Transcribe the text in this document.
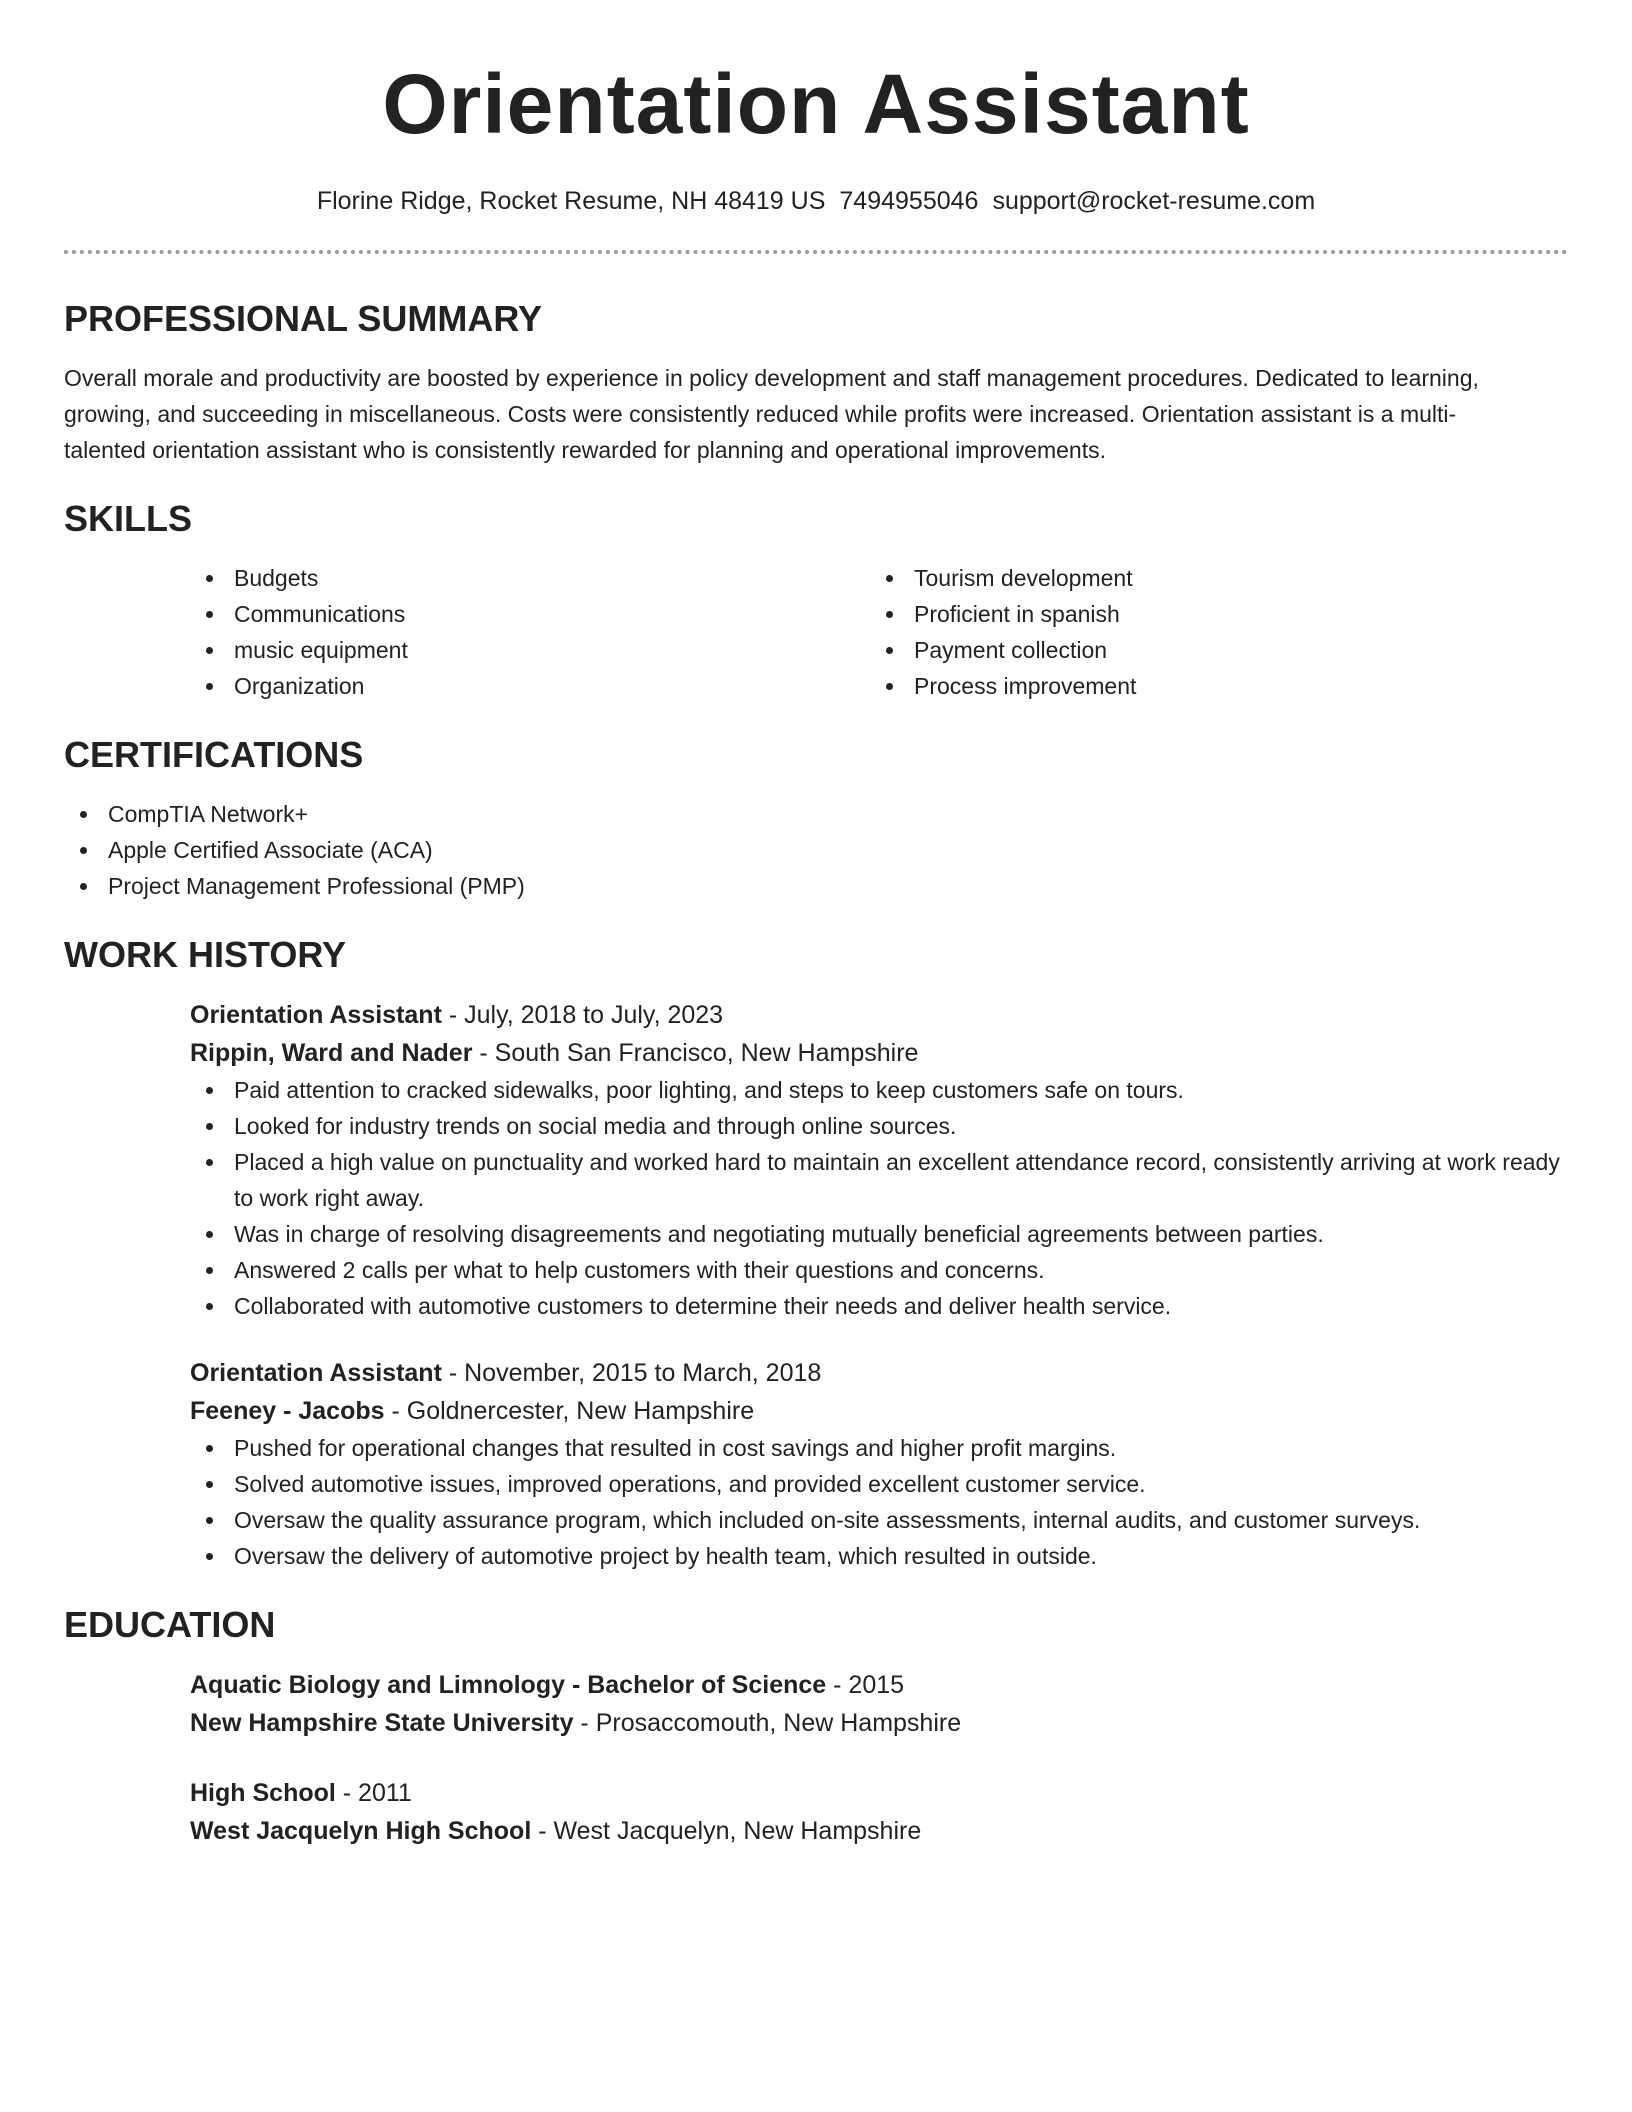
Orientation Assistant
Florine Ridge, Rocket Resume, NH 48419 US 7494955046 support@rocket-resume.com
PROFESSIONAL SUMMARY

Overall morale and productivity are boosted by experience in policy development and staff management procedures. Dedicated to learning, growing, and succeeding in miscellaneous. Costs were consistently reduced while profits were increased. Orientation assistant is a multi-talented orientation assistant who is consistently rewarded for planning and operational improvements.

SKILLS
Budgets
Communications
music equipment
Organization
Tourism development
Proficient in spanish
Payment collection
Process improvement
CERTIFICATIONS
CompTIA Network+
Apple Certified Associate (ACA)
Project Management Professional (PMP)
WORK HISTORY
Orientation Assistant - July, 2018 to July, 2023
Rippin, Ward and Nader - South San Francisco, New Hampshire
Paid attention to cracked sidewalks, poor lighting, and steps to keep customers safe on tours.
Looked for industry trends on social media and through online sources.
Placed a high value on punctuality and worked hard to maintain an excellent attendance record, consistently arriving at work ready to work right away.
Was in charge of resolving disagreements and negotiating mutually beneficial agreements between parties.
Answered 2 calls per what to help customers with their questions and concerns.
Collaborated with automotive customers to determine their needs and deliver health service.
Orientation Assistant - November, 2015 to March, 2018
Feeney - Jacobs - Goldnercester, New Hampshire
Pushed for operational changes that resulted in cost savings and higher profit margins.
Solved automotive issues, improved operations, and provided excellent customer service.
Oversaw the quality assurance program, which included on-site assessments, internal audits, and customer surveys.
Oversaw the delivery of automotive project by health team, which resulted in outside.
EDUCATION
Aquatic Biology and Limnology - Bachelor of Science - 2015
New Hampshire State University - Prosaccomouth, New Hampshire
High School - 2011
West Jacquelyn High School - West Jacquelyn, New Hampshire
